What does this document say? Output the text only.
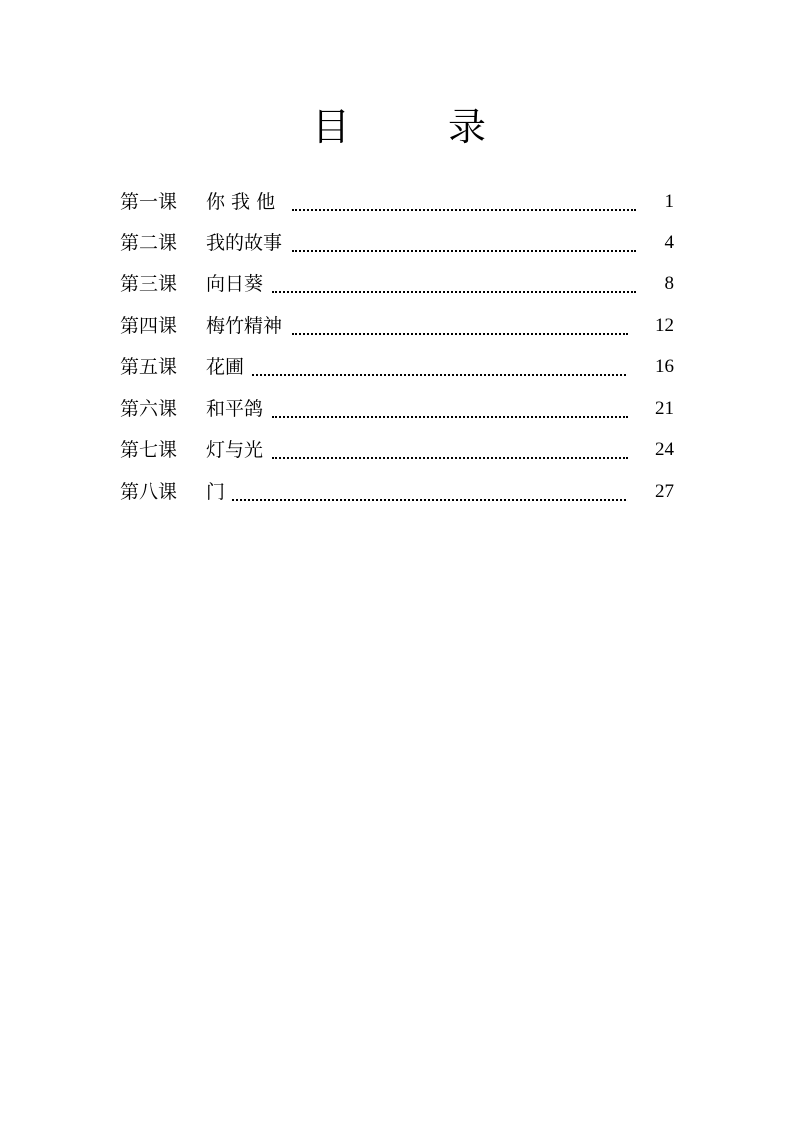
目	录
第一课 你 我 他	1
第二课 我的故事	4
第三课 向日葵	8
第四课 梅竹精神	12
第五课 花圃	16
第六课 和平鸽	21
第七课 灯与光	24
第八课 门	27
